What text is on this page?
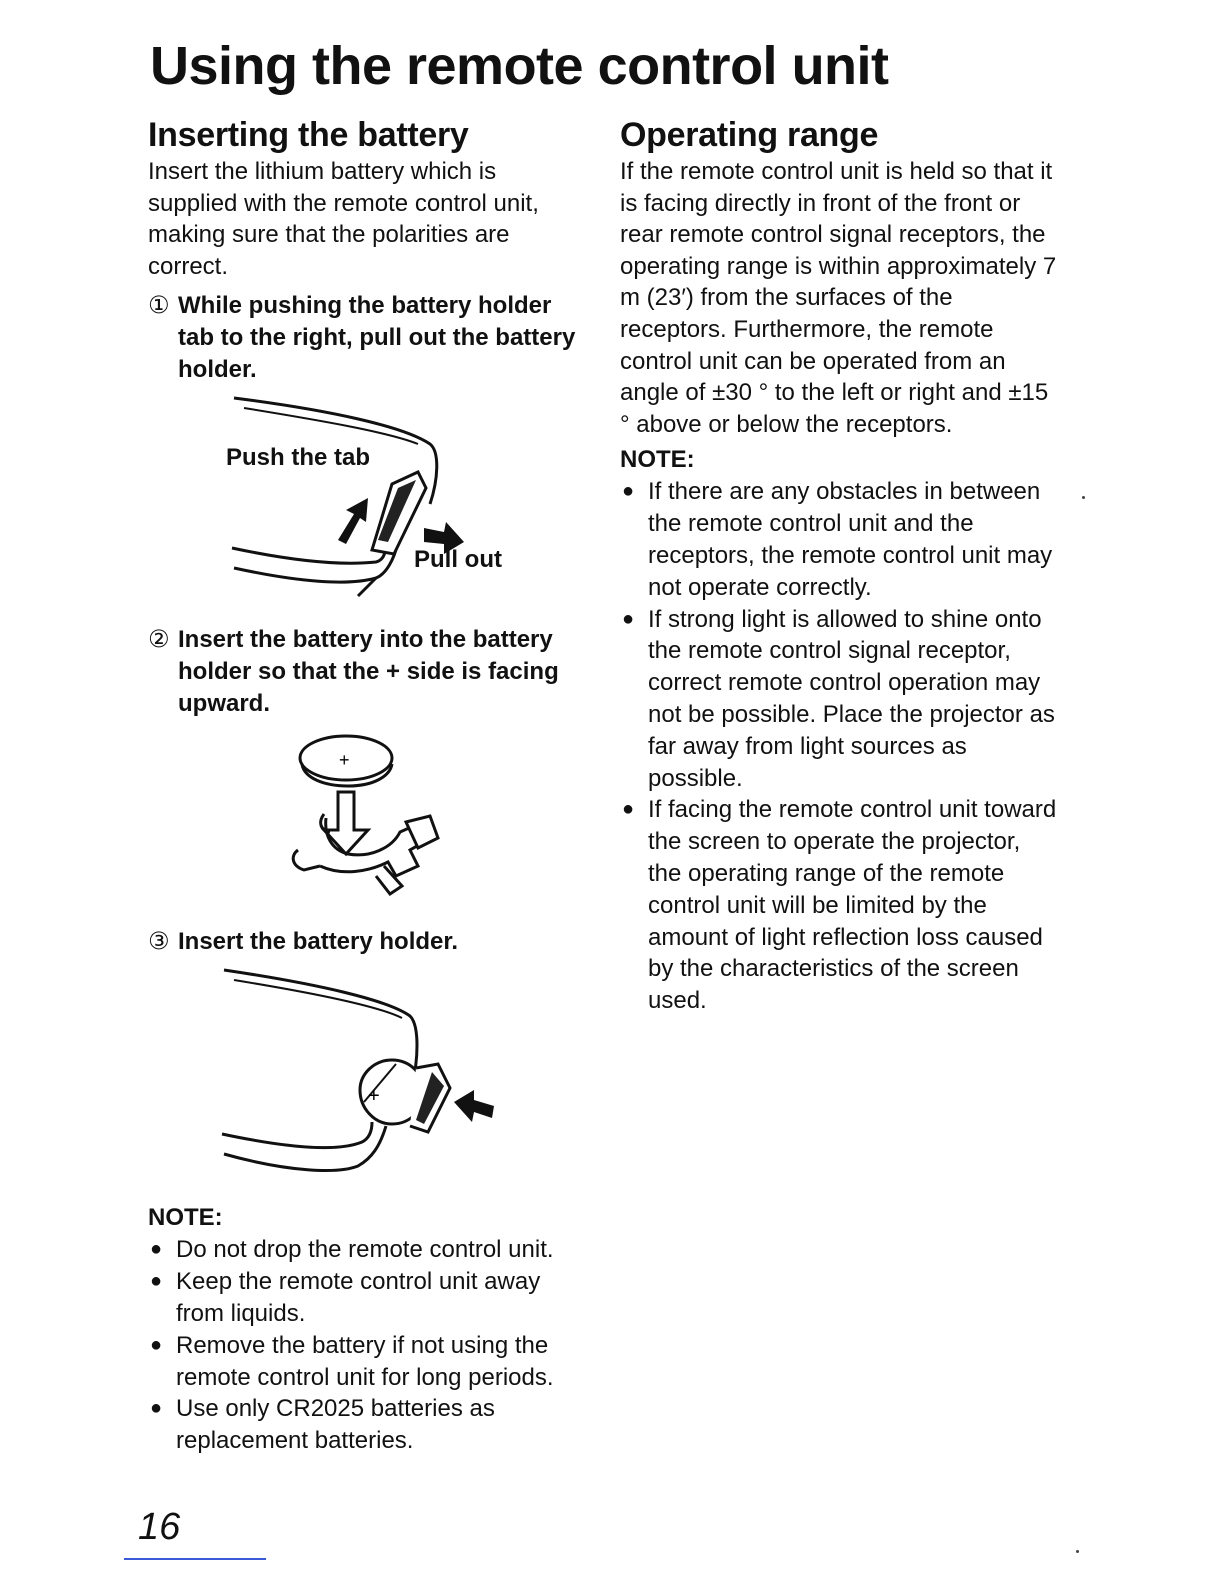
Using the remote control unit
Inserting the battery

Insert the lithium battery which is supplied with the remote control unit, making sure that the polarities are correct.

① While pushing the battery holder tab to the right, pull out the battery holder.
Push the tab
Pull out
② Insert the battery into the battery holder so that the + side is facing upward.
+
③ Insert the battery holder.
+
NOTE:
● Do not drop the remote control unit.
● Keep the remote control unit away from liquids.
● Remove the battery if not using the remote control unit for long periods.
● Use only CR2025 batteries as replacement batteries.
Operating range

If the remote control unit is held so that it is facing directly in front of the front or rear remote control signal receptors, the operating range is within approximately 7 m (23′) from the surfaces of the receptors. Furthermore, the remote control unit can be operated from an angle of ±30 ° to the left or right and ±15 ° above or below the receptors.

NOTE:
● If there are any obstacles in between the remote control unit and the receptors, the remote control unit may not operate correctly.
● If strong light is allowed to shine onto the remote control signal receptor, correct remote control operation may not be possible. Place the projector as far away from light sources as possible.
● If facing the remote control unit toward the screen to operate the projector, the operating range of the remote control unit will be limited by the amount of light reflection loss caused by the characteristics of the screen used.
16
